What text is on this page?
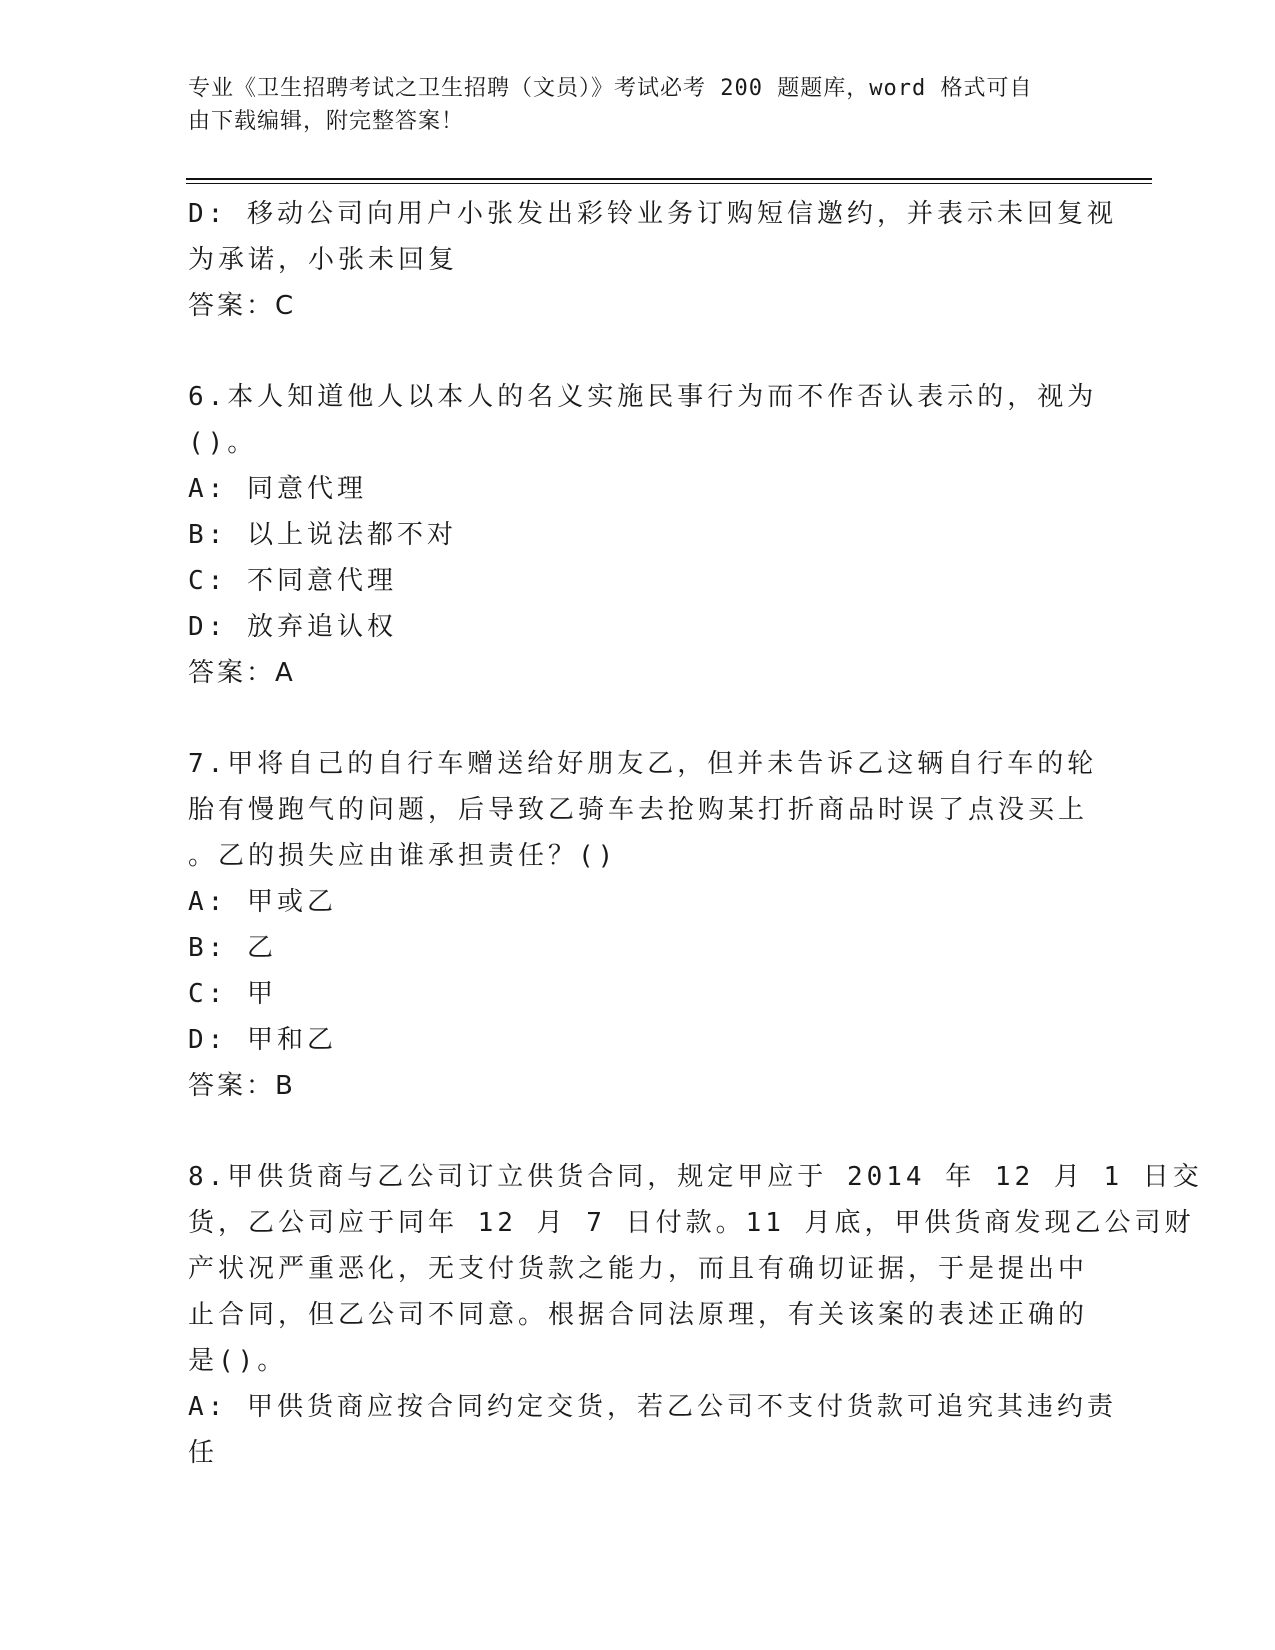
专业《卫生招聘考试之卫生招聘（文员）》考试必考 200 题题库，word 格式可自
由下载编辑，附完整答案！
D: 移动公司向用户小张发出彩铃业务订购短信邀约，并表示未回复视
为承诺，小张未回复
答案：C
6.本人知道他人以本人的名义实施民事行为而不作否认表示的，视为
()。
A: 同意代理
B: 以上说法都不对
C: 不同意代理
D: 放弃追认权
答案：A
7.甲将自己的自行车赠送给好朋友乙，但并未告诉乙这辆自行车的轮
胎有慢跑气的问题，后导致乙骑车去抢购某打折商品时误了点没买上
。乙的损失应由谁承担责任？()
A: 甲或乙
B: 乙
C: 甲
D: 甲和乙
答案：B
8.甲供货商与乙公司订立供货合同，规定甲应于 2014 年 12 月 1 日交
货，乙公司应于同年 12 月 7 日付款。11 月底，甲供货商发现乙公司财
产状况严重恶化，无支付货款之能力，而且有确切证据，于是提出中
止合同，但乙公司不同意。根据合同法原理，有关该案的表述正确的
是()。
A: 甲供货商应按合同约定交货，若乙公司不支付货款可追究其违约责
任
